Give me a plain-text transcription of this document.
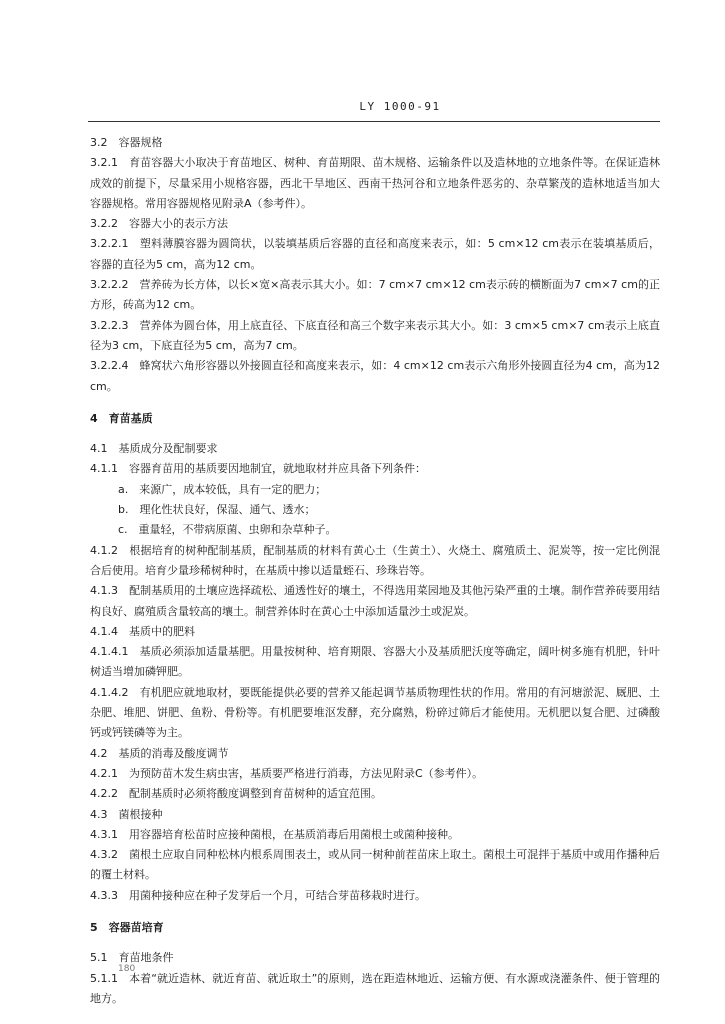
LY 1000-91

3.2　容器规格

3.2.1　育苗容器大小取决于育苗地区、树种、育苗期限、苗木规格、运输条件以及造林地的立地条件等。在保证造林成效的前提下，尽量采用小规格容器，西北干旱地区、西南干热河谷和立地条件恶劣的、杂草繁茂的造林地适当加大容器规格。常用容器规格见附录A（参考件）。

3.2.2　容器大小的表示方法

3.2.2.1　塑料薄膜容器为圆筒状，以装填基质后容器的直径和高度来表示，如：5 cm×12 cm表示在装填基质后，容器的直径为5 cm，高为12 cm。

3.2.2.2　营养砖为长方体，以长×宽×高表示其大小。如：7 cm×7 cm×12 cm表示砖的横断面为7 cm×7 cm的正方形，砖高为12 cm。

3.2.2.3　营养体为圆台体，用上底直径、下底直径和高三个数字来表示其大小。如：3 cm×5 cm×7 cm表示上底直径为3 cm，下底直径为5 cm，高为7 cm。

3.2.2.4　蜂窝状六角形容器以外接圆直径和高度来表示，如：4 cm×12 cm表示六角形外接圆直径为4 cm，高为12 cm。

4　育苗基质

4.1　基质成分及配制要求

4.1.1　容器育苗用的基质要因地制宜，就地取材并应具备下列条件：

a.　来源广，成本较低，具有一定的肥力；

b.　理化性状良好，保湿、通气、透水；

c.　重量轻，不带病原菌、虫卵和杂草种子。

4.1.2　根据培育的树种配制基质，配制基质的材料有黄心土（生黄土）、火烧土、腐殖质土、泥炭等，按一定比例混合后使用。培育少量珍稀树种时，在基质中掺以适量蛭石、珍珠岩等。

4.1.3　配制基质用的土壤应选择疏松、通透性好的壤土，不得选用菜园地及其他污染严重的土壤。制作营养砖要用结构良好、腐殖质含量较高的壤土。制营养体时在黄心土中添加适量沙土或泥炭。

4.1.4　基质中的肥料

4.1.4.1　基质必须添加适量基肥。用量按树种、培育期限、容器大小及基质肥沃度等确定，阔叶树多施有机肥，针叶树适当增加磷钾肥。

4.1.4.2　有机肥应就地取材，要既能提供必要的营养又能起调节基质物理性状的作用。常用的有河塘淤泥、厩肥、土杂肥、堆肥、饼肥、鱼粉、骨粉等。有机肥要堆沤发酵，充分腐熟，粉碎过筛后才能使用。无机肥以复合肥、过磷酸钙或钙镁磷等为主。

4.2　基质的消毒及酸度调节

4.2.1　为预防苗木发生病虫害，基质要严格进行消毒，方法见附录C（参考件）。

4.2.2　配制基质时必须将酸度调整到育苗树种的适宜范围。

4.3　菌根接种

4.3.1　用容器培育松苗时应接种菌根，在基质消毒后用菌根土或菌种接种。

4.3.2　菌根土应取自同种松林内根系周围表土，或从同一树种前茬苗床上取土。菌根土可混拌于基质中或用作播种后的覆土材料。

4.3.3　用菌种接种应在种子发芽后一个月，可结合芽苗移栽时进行。

5　容器苗培育

5.1　育苗地条件

5.1.1　本着“就近造林、就近育苗、就近取土”的原则，选在距造林地近、运输方便、有水源或浇灌条件、便于管理的地方。

180
